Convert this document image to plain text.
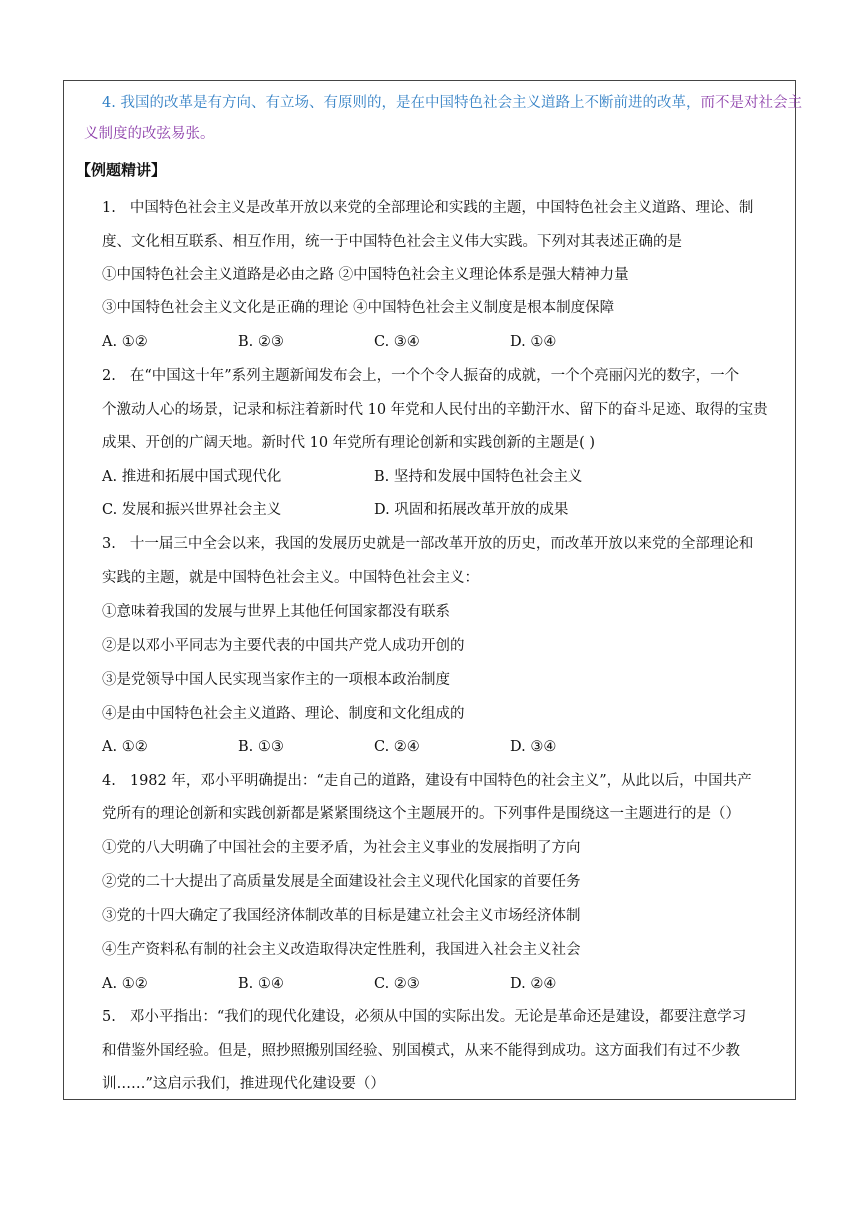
4. 我国的改革是有方向、有立场、有原则的，是在中国特色社会主义道路上不断前进的改革，而不是对社会主
义制度的改弦易张。
【例题精讲】
1. 中国特色社会主义是改革开放以来党的全部理论和实践的主题，中国特色社会主义道路、理论、制
度、文化相互联系、相互作用，统一于中国特色社会主义伟大实践。下列对其表述正确的是
①中国特色社会主义道路是必由之路 ②中国特色社会主义理论体系是强大精神力量
③中国特色社会主义文化是正确的理论 ④中国特色社会主义制度是根本制度保障
A. ①②	B. ②③	C. ③④	D. ①④
2. 在“中国这十年”系列主题新闻发布会上，一个个令人振奋的成就，一个个亮丽闪光的数字，一个
个激动人心的场景，记录和标注着新时代 10 年党和人民付出的辛勤汗水、留下的奋斗足迹、取得的宝贵
成果、开创的广阔天地。新时代 10 年党所有理论创新和实践创新的主题是( )
A. 推进和拓展中国式现代化	B. 坚持和发展中国特色社会主义
C. 发展和振兴世界社会主义	D. 巩固和拓展改革开放的成果
3. 十一届三中全会以来，我国的发展历史就是一部改革开放的历史，而改革开放以来党的全部理论和
实践的主题，就是中国特色社会主义。中国特色社会主义：
①意味着我国的发展与世界上其他任何国家都没有联系
②是以邓小平同志为主要代表的中国共产党人成功开创的
③是党领导中国人民实现当家作主的一项根本政治制度
④是由中国特色社会主义道路、理论、制度和文化组成的
A. ①②	B. ①③	C. ②④	D. ③④
4. 1982 年，邓小平明确提出：“走自己的道路，建设有中国特色的社会主义”，从此以后，中国共产
党所有的理论创新和实践创新都是紧紧围绕这个主题展开的。下列事件是围绕这一主题进行的是（）
①党的八大明确了中国社会的主要矛盾，为社会主义事业的发展指明了方向
②党的二十大提出了高质量发展是全面建设社会主义现代化国家的首要任务
③党的十四大确定了我国经济体制改革的目标是建立社会主义市场经济体制
④生产资料私有制的社会主义改造取得决定性胜利，我国进入社会主义社会
A. ①②	B. ①④	C. ②③	D. ②④
5. 邓小平指出：“我们的现代化建设，必须从中国的实际出发。无论是革命还是建设，都要注意学习
和借鉴外国经验。但是，照抄照搬别国经验、别国模式，从来不能得到成功。这方面我们有过不少教
训……”这启示我们，推进现代化建设要（）
